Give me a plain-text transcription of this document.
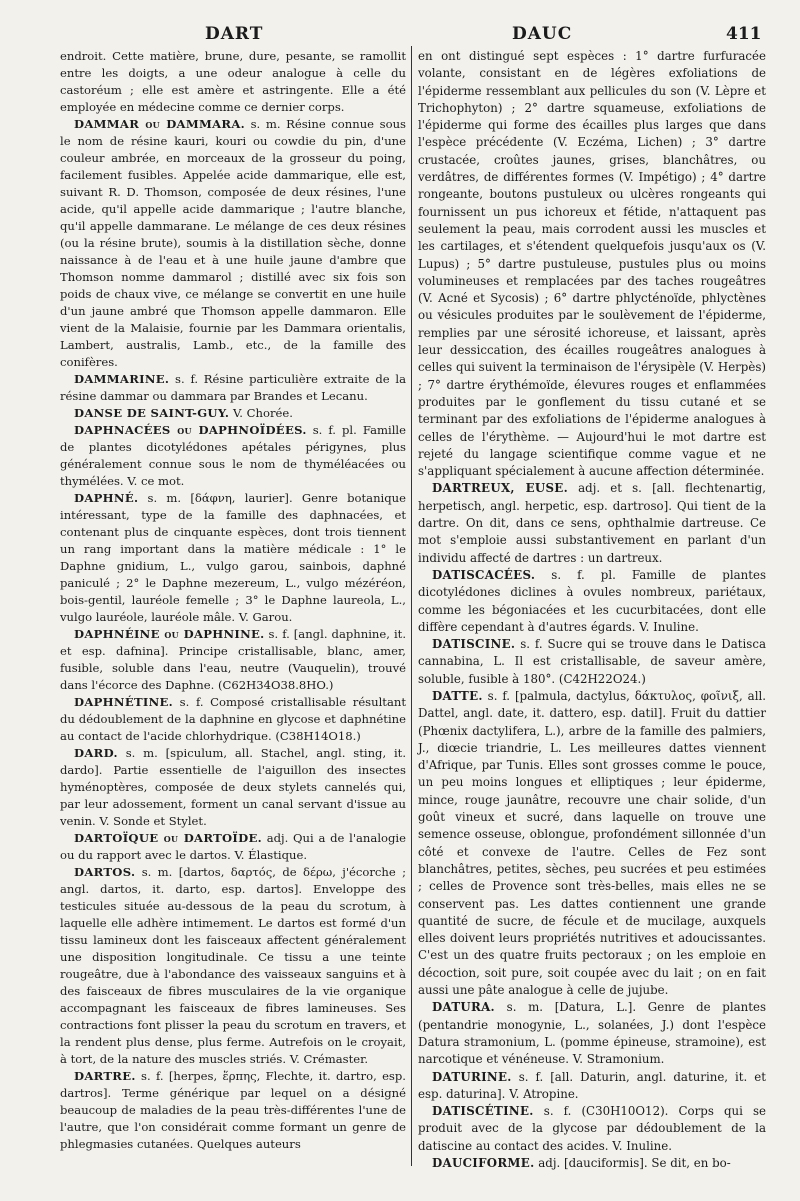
DART	DAUC	411

endroit. Cette matière, brune, dure, pesante, se ramollit entre les doigts, a une odeur analogue à celle du castoréum ; elle est amère et astringente. Elle a été employée en médecine comme ce dernier corps.

DAMMAR ou DAMMARA. s. m. Résine connue sous le nom de résine kauri, kouri ou cowdie du pin, d'une couleur ambrée, en morceaux de la grosseur du poing, facilement fusibles. Appelée acide dammarique, elle est, suivant R. D. Thomson, composée de deux résines, l'une acide, qu'il appelle acide dammarique ; l'autre blanche, qu'il appelle dammarane. Le mélange de ces deux résines (ou la résine brute), soumis à la distillation sèche, donne naissance à de l'eau et à une huile jaune d'ambre que Thomson nomme dammarol ; distillé avec six fois son poids de chaux vive, ce mélange se convertit en une huile d'un jaune ambré que Thomson appelle dammaron. Elle vient de la Malaisie, fournie par les Dammara orientalis, Lambert, australis, Lamb., etc., de la famille des conifères.

DAMMARINE. s. f. Résine particulière extraite de la résine dammar ou dammara par Brandes et Lecanu.

DANSE DE SAINT-GUY. V. Chorée.

DAPHNACÉES ou DAPHNOÏDÉES. s. f. pl. Famille de plantes dicotylédones apétales périgynes, plus généralement connue sous le nom de thyméléacées ou thymélées. V. ce mot.

DAPHNÉ. s. m. [δάφνη, laurier]. Genre botanique intéressant, type de la famille des daphnacées, et contenant plus de cinquante espèces, dont trois tiennent un rang important dans la matière médicale : 1° le Daphne gnidium, L., vulgo garou, sainbois, daphné paniculé ; 2° le Daphne mezereum, L., vulgo mézéréon, bois-gentil, lauréole femelle ; 3° le Daphne laureola, L., vulgo lauréole, lauréole mâle. V. Garou.

DAPHNÉINE ou DAPHNINE. s. f. [angl. daphnine, it. et esp. dafnina]. Principe cristallisable, blanc, amer, fusible, soluble dans l'eau, neutre (Vauquelin), trouvé dans l'écorce des Daphne. (C62H34O38.8HO.)

DAPHNÉTINE. s. f. Composé cristallisable résultant du dédoublement de la daphnine en glycose et daphnétine au contact de l'acide chlorhydrique. (C38H14O18.)

DARD. s. m. [spiculum, all. Stachel, angl. sting, it. dardo]. Partie essentielle de l'aiguillon des insectes hyménoptères, composée de deux stylets cannelés qui, par leur adossement, forment un canal servant d'issue au venin. V. Sonde et Stylet.

DARTOÏQUE ou DARTOÏDE. adj. Qui a de l'analogie ou du rapport avec le dartos. V. Élastique.

DARTOS. s. m. [dartos, δαρτός, de δέρω, j'écorche ; angl. dartos, it. darto, esp. dartos]. Enveloppe des testicules située au-dessous de la peau du scrotum, à laquelle elle adhère intimement. Le dartos est formé d'un tissu lamineux dont les faisceaux affectent généralement une disposition longitudinale. Ce tissu a une teinte rougeâtre, due à l'abondance des vaisseaux sanguins et à des faisceaux de fibres musculaires de la vie organique accompagnant les faisceaux de fibres lamineuses. Ses contractions font plisser la peau du scrotum en travers, et la rendent plus dense, plus ferme. Autrefois on le croyait, à tort, de la nature des muscles striés. V. Crémaster.

DARTRE. s. f. [herpes, ἕρπης, Flechte, it. dartro, esp. dartros]. Terme générique par lequel on a désigné beaucoup de maladies de la peau très-différentes l'une de l'autre, que l'on considérait comme formant un genre de phlegmasies cutanées. Quelques auteurs

en ont distingué sept espèces : 1° dartre furfuracée volante, consistant en de légères exfoliations de l'épiderme ressemblant aux pellicules du son (V. Lèpre et Trichophyton) ; 2° dartre squameuse, exfoliations de l'épiderme qui forme des écailles plus larges que dans l'espèce précédente (V. Eczéma, Lichen) ; 3° dartre crustacée, croûtes jaunes, grises, blanchâtres, ou verdâtres, de différentes formes (V. Impétigo) ; 4° dartre rongeante, boutons pustuleux ou ulcères rongeants qui fournissent un pus ichoreux et fétide, n'attaquent pas seulement la peau, mais corrodent aussi les muscles et les cartilages, et s'étendent quelquefois jusqu'aux os (V. Lupus) ; 5° dartre pustuleuse, pustules plus ou moins volumineuses et remplacées par des taches rougeâtres (V. Acné et Sycosis) ; 6° dartre phlycténoïde, phlyctènes ou vésicules produites par le soulèvement de l'épiderme, remplies par une sérosité ichoreuse, et laissant, après leur dessiccation, des écailles rougeâtres analogues à celles qui suivent la terminaison de l'érysipèle (V. Herpès) ; 7° dartre érythémoïde, élevures rouges et enflammées produites par le gonflement du tissu cutané et se terminant par des exfoliations de l'épiderme analogues à celles de l'érythème. — Aujourd'hui le mot dartre est rejeté du langage scientifique comme vague et ne s'appliquant spécialement à aucune affection déterminée.

DARTREUX, EUSE. adj. et s. [all. flechtenartig, herpetisch, angl. herpetic, esp. dartroso]. Qui tient de la dartre. On dit, dans ce sens, ophthalmie dartreuse. Ce mot s'emploie aussi substantivement en parlant d'un individu affecté de dartres : un dartreux.

DATISCACÉES. s. f. pl. Famille de plantes dicotylédones diclines à ovules nombreux, pariétaux, comme les bégoniacées et les cucurbitacées, dont elle diffère cependant à d'autres égards. V. Inuline.

DATISCINE. s. f. Sucre qui se trouve dans le Datisca cannabina, L. Il est cristallisable, de saveur amère, soluble, fusible à 180°. (C42H22O24.)

DATTE. s. f. [palmula, dactylus, δάκτυλος, φοῖνιξ, all. Dattel, angl. date, it. dattero, esp. datil]. Fruit du dattier (Phœnix dactylifera, L.), arbre de la famille des palmiers, J., diœcie triandrie, L. Les meilleures dattes viennent d'Afrique, par Tunis. Elles sont grosses comme le pouce, un peu moins longues et elliptiques ; leur épiderme, mince, rouge jaunâtre, recouvre une chair solide, d'un goût vineux et sucré, dans laquelle on trouve une semence osseuse, oblongue, profondément sillonnée d'un côté et convexe de l'autre. Celles de Fez sont blanchâtres, petites, sèches, peu sucrées et peu estimées ; celles de Provence sont très-belles, mais elles ne se conservent pas. Les dattes contiennent une grande quantité de sucre, de fécule et de mucilage, auxquels elles doivent leurs propriétés nutritives et adoucissantes. C'est un des quatre fruits pectoraux ; on les emploie en décoction, soit pure, soit coupée avec du lait ; on en fait aussi une pâte analogue à celle de jujube.

DATURA. s. m. [Datura, L.]. Genre de plantes (pentandrie monogynie, L., solanées, J.) dont l'espèce Datura stramonium, L. (pomme épineuse, stramoine), est narcotique et vénéneuse. V. Stramonium.

DATURINE. s. f. [all. Daturin, angl. daturine, it. et esp. daturina]. V. Atropine.

DATISCÉTINE. s. f. (C30H10O12). Corps qui se produit avec de la glycose par dédoublement de la datiscine au contact des acides. V. Inuline.

DAUCIFORME. adj. [dauciformis]. Se dit, en bo-
